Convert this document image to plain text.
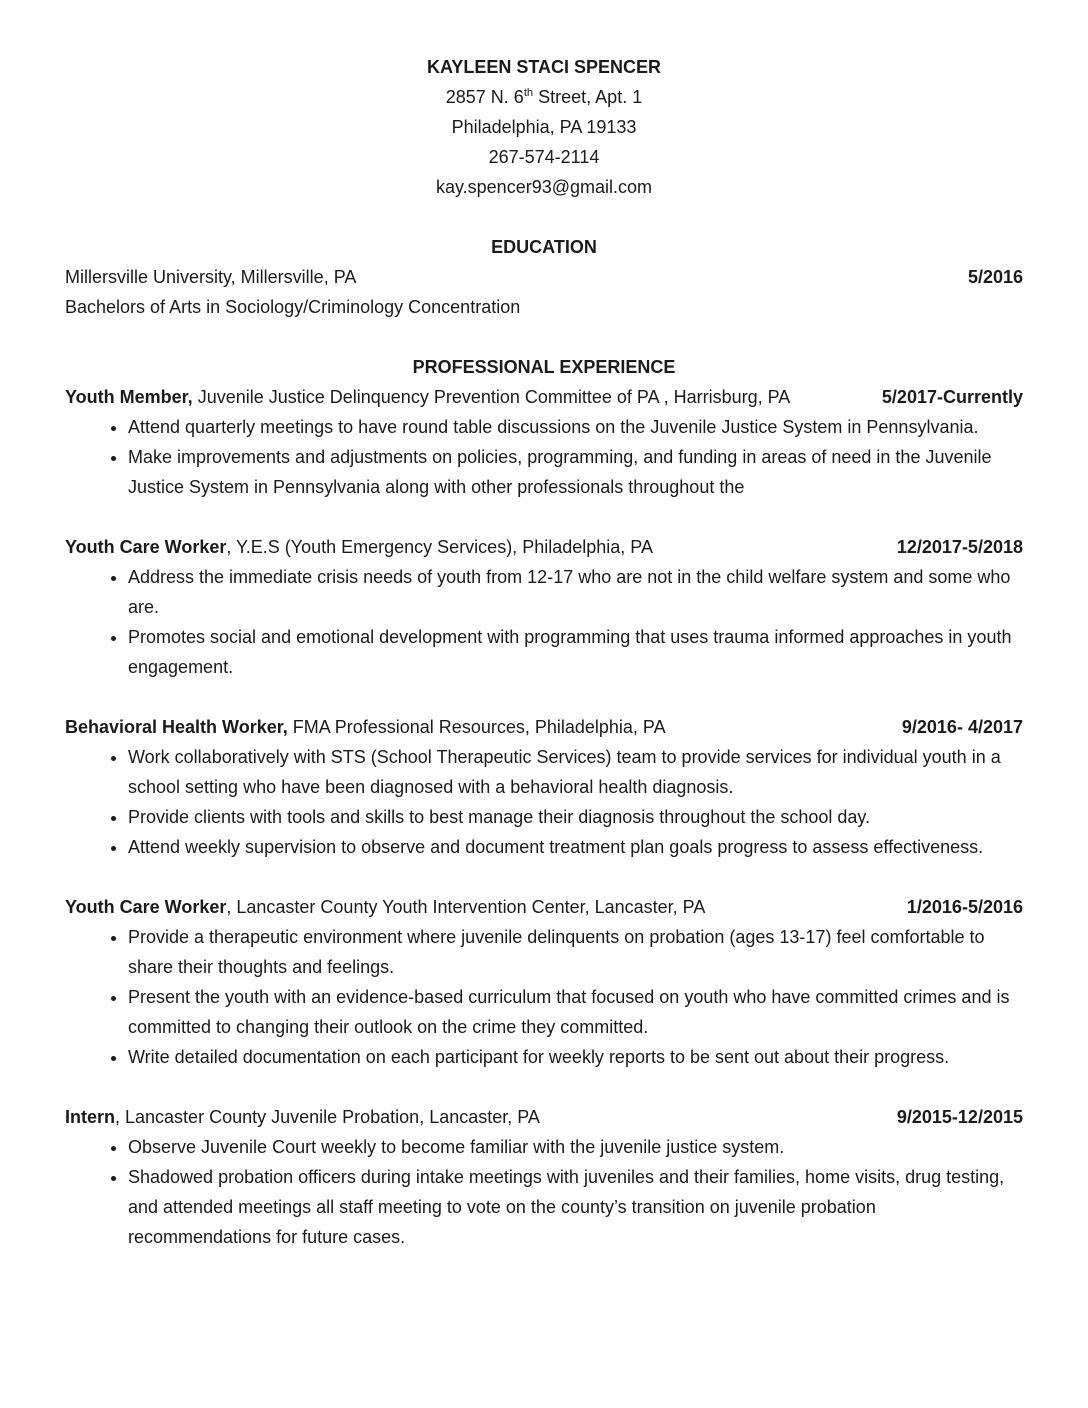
KAYLEEN STACI SPENCER
2857 N. 6th Street, Apt. 1
Philadelphia, PA 19133
267-574-2114
kay.spencer93@gmail.com
EDUCATION
Millersville University, Millersville, PA	5/2016
Bachelors of Arts in Sociology/Criminology Concentration
PROFESSIONAL EXPERIENCE
Youth Member, Juvenile Justice Delinquency Prevention Committee of PA , Harrisburg, PA	5/2017-Currently
• Attend quarterly meetings to have round table discussions on the Juvenile Justice System in Pennsylvania.
• Make improvements and adjustments on policies, programming, and funding in areas of need in the Juvenile Justice System in Pennsylvania along with other professionals throughout the
Youth Care Worker, Y.E.S (Youth Emergency Services), Philadelphia, PA	12/2017-5/2018
• Address the immediate crisis needs of youth from 12-17 who are not in the child welfare system and some who are.
• Promotes social and emotional development with programming that uses trauma informed approaches in youth engagement.
Behavioral Health Worker, FMA Professional Resources, Philadelphia, PA	9/2016- 4/2017
• Work collaboratively with STS (School Therapeutic Services) team to provide services for individual youth in a school setting who have been diagnosed with a behavioral health diagnosis.
• Provide clients with tools and skills to best manage their diagnosis throughout the school day.
• Attend weekly supervision to observe and document treatment plan goals progress to assess effectiveness.
Youth Care Worker, Lancaster County Youth Intervention Center, Lancaster, PA	1/2016-5/2016
• Provide a therapeutic environment where juvenile delinquents on probation (ages 13-17) feel comfortable to share their thoughts and feelings.
• Present the youth with an evidence-based curriculum that focused on youth who have committed crimes and is committed to changing their outlook on the crime they committed.
• Write detailed documentation on each participant for weekly reports to be sent out about their progress.
Intern, Lancaster County Juvenile Probation, Lancaster, PA	9/2015-12/2015
• Observe Juvenile Court weekly to become familiar with the juvenile justice system.
• Shadowed probation officers during intake meetings with juveniles and their families, home visits, drug testing, and attended meetings all staff meeting to vote on the county’s transition on juvenile probation recommendations for future cases.
